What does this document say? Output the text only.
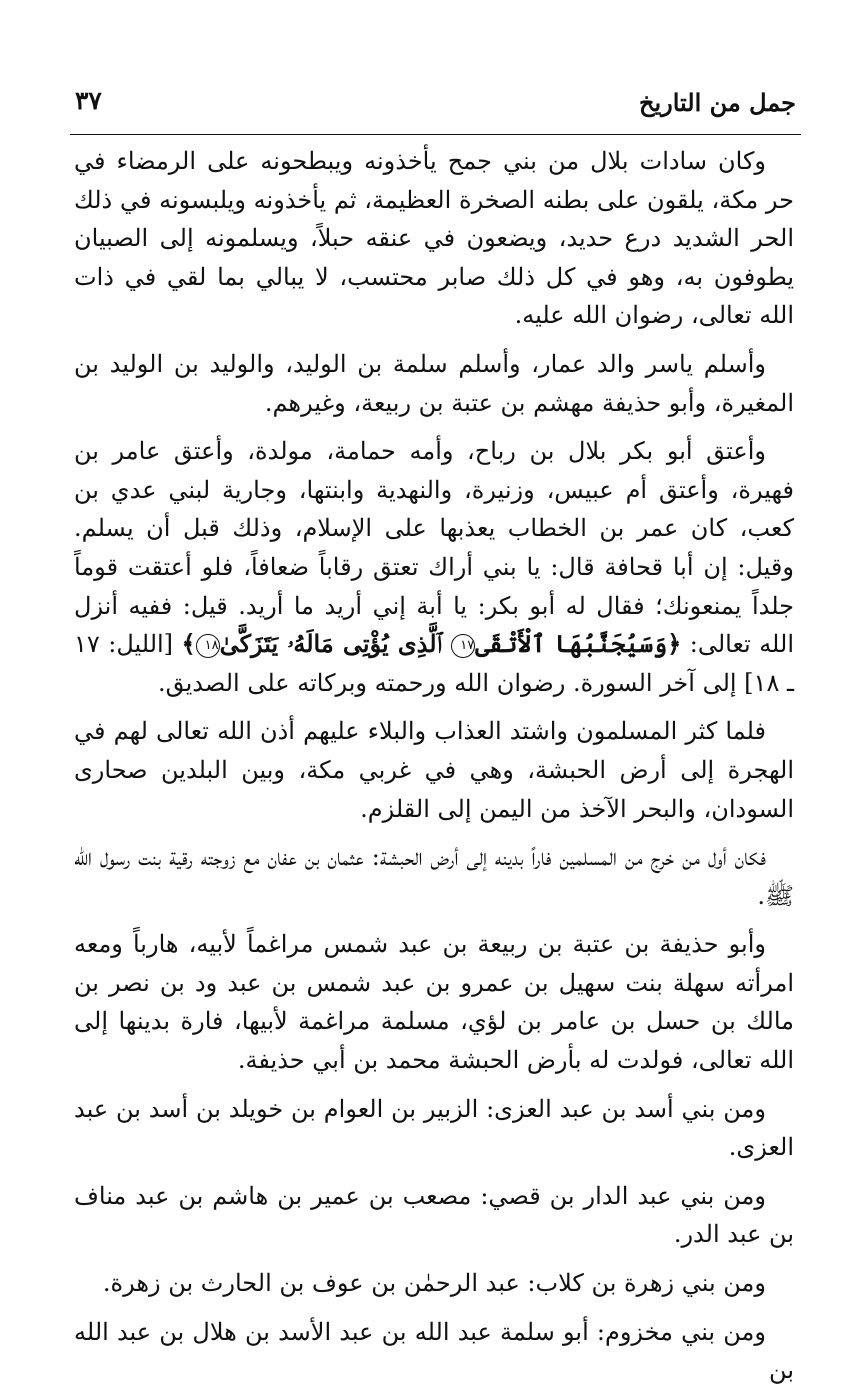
جمل من التاريخ
٣٧

وكان سادات بلال من بني جمح يأخذونه ويبطحونه على الرمضاء في حر مكة، يلقون على بطنه الصخرة العظيمة، ثم يأخذونه ويلبسونه في ذلك الحر الشديد درع حديد، ويضعون في عنقه حبلاً، ويسلمونه إلى الصبيان يطوفون به، وهو في كل ذلك صابر محتسب، لا يبالي بما لقي في ذات الله تعالى، رضوان الله عليه.

وأسلم ياسر والد عمار، وأسلم سلمة بن الوليد، والوليد بن الوليد بن المغيرة، وأبو حذيفة مهشم بن عتبة بن ربيعة، وغيرهم.

وأعتق أبو بكر بلال بن رباح، وأمه حمامة، مولدة، وأعتق عامر بن فهيرة، وأعتق أم عبيس، وزنيرة، والنهدية وابنتها، وجارية لبني عدي بن كعب، كان عمر بن الخطاب يعذبها على الإسلام، وذلك قبل أن يسلم. وقيل: إن أبا قحافة قال: يا بني أراك تعتق رقاباً ضعافاً، فلو أعتقت قوماً جلداً يمنعونك؛ فقال له أبو بكر: يا أبة إني أريد ما أريد. قيل: ففيه أنزل الله تعالى: ﴿وَسَيُجَنَّبُهَا ٱلْأَتْقَى١٧ ٱلَّذِى يُؤْتِى مَالَهُۥ يَتَزَكَّىٰ١٨﴾ [الليل: ١٧ ـ ١٨] إلى آخر السورة. رضوان الله ورحمته وبركاته على الصديق.

فلما كثر المسلمون واشتد العذاب والبلاء عليهم أذن الله تعالى لهم في الهجرة إلى أرض الحبشة، وهي في غربي مكة، وبين البلدين صحارى السودان، والبحر الآخذ من اليمن إلى القلزم.

فكان أول من خرج من المسلمين فاراً بدينه إلى أرض الحبشة: عثمان بن عفان مع زوجته رقية بنت رسول الله ﷺ.

وأبو حذيفة بن عتبة بن ربيعة بن عبد شمس مراغماً لأبيه، هارباً ومعه امرأته سهلة بنت سهيل بن عمرو بن عبد شمس بن عبد ود بن نصر بن مالك بن حسل بن عامر بن لؤي، مسلمة مراغمة لأبيها، فارة بدينها إلى الله تعالى، فولدت له بأرض الحبشة محمد بن أبي حذيفة.

ومن بني أسد بن عبد العزى: الزبير بن العوام بن خويلد بن أسد بن عبد العزى.

ومن بني عبد الدار بن قصي: مصعب بن عمير بن هاشم بن عبد مناف بن عبد الدر.

ومن بني زهرة بن كلاب: عبد الرحمٰن بن عوف بن الحارث بن زهرة.

ومن بني مخزوم: أبو سلمة عبد الله بن عبد الأسد بن هلال بن عبد الله بن
